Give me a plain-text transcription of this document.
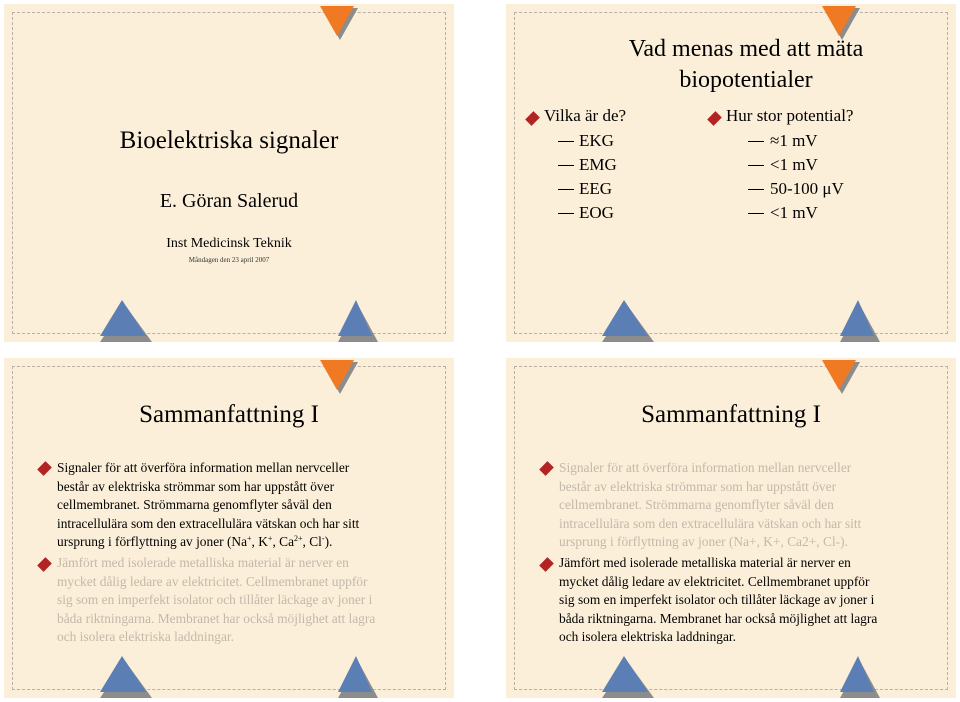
Bioelektriska signaler
E. Göran Salerud
Inst Medicinsk Teknik
Måndagen den 23 april 2007
Vad menas med att mäta
biopotentialer
Vilka är de?
EKG
EMG
EEG
EOG
Hur stor potential?
≈1 mV
<1 mV
50-100 μV
<1 mV
Sammanfattning I
Signaler för att överföra information mellan nervceller
består av elektriska strömmar som har uppstått över
cellmembranet. Strömmarna genomflyter såväl den
intracellulära som den extracellulära vätskan och har sitt
ursprung i förflyttning av joner (Na+, K+, $Ca^{2+}$, Cl-).
Jämfört med isolerade metalliska material är nerver en
mycket dålig ledare av elektricitet. Cellmembranet uppför
sig som en imperfekt isolator och tillåter läckage av joner i
båda riktningarna. Membranet har också möjlighet att lagra
och isolera elektriska laddningar.
Sammanfattning I
Signaler för att överföra information mellan nervceller
består av elektriska strömmar som har uppstått över
cellmembranet. Strömmarna genomflyter såväl den
intracellulära som den extracellulära vätskan och har sitt
ursprung i förflyttning av joner (Na+, K+, Ca2+, Cl-).
Jämfört med isolerade metalliska material är nerver en
mycket dålig ledare av elektricitet. Cellmembranet uppför
sig som en imperfekt isolator och tillåter läckage av joner i
båda riktningarna. Membranet har också möjlighet att lagra
och isolera elektriska laddningar.
